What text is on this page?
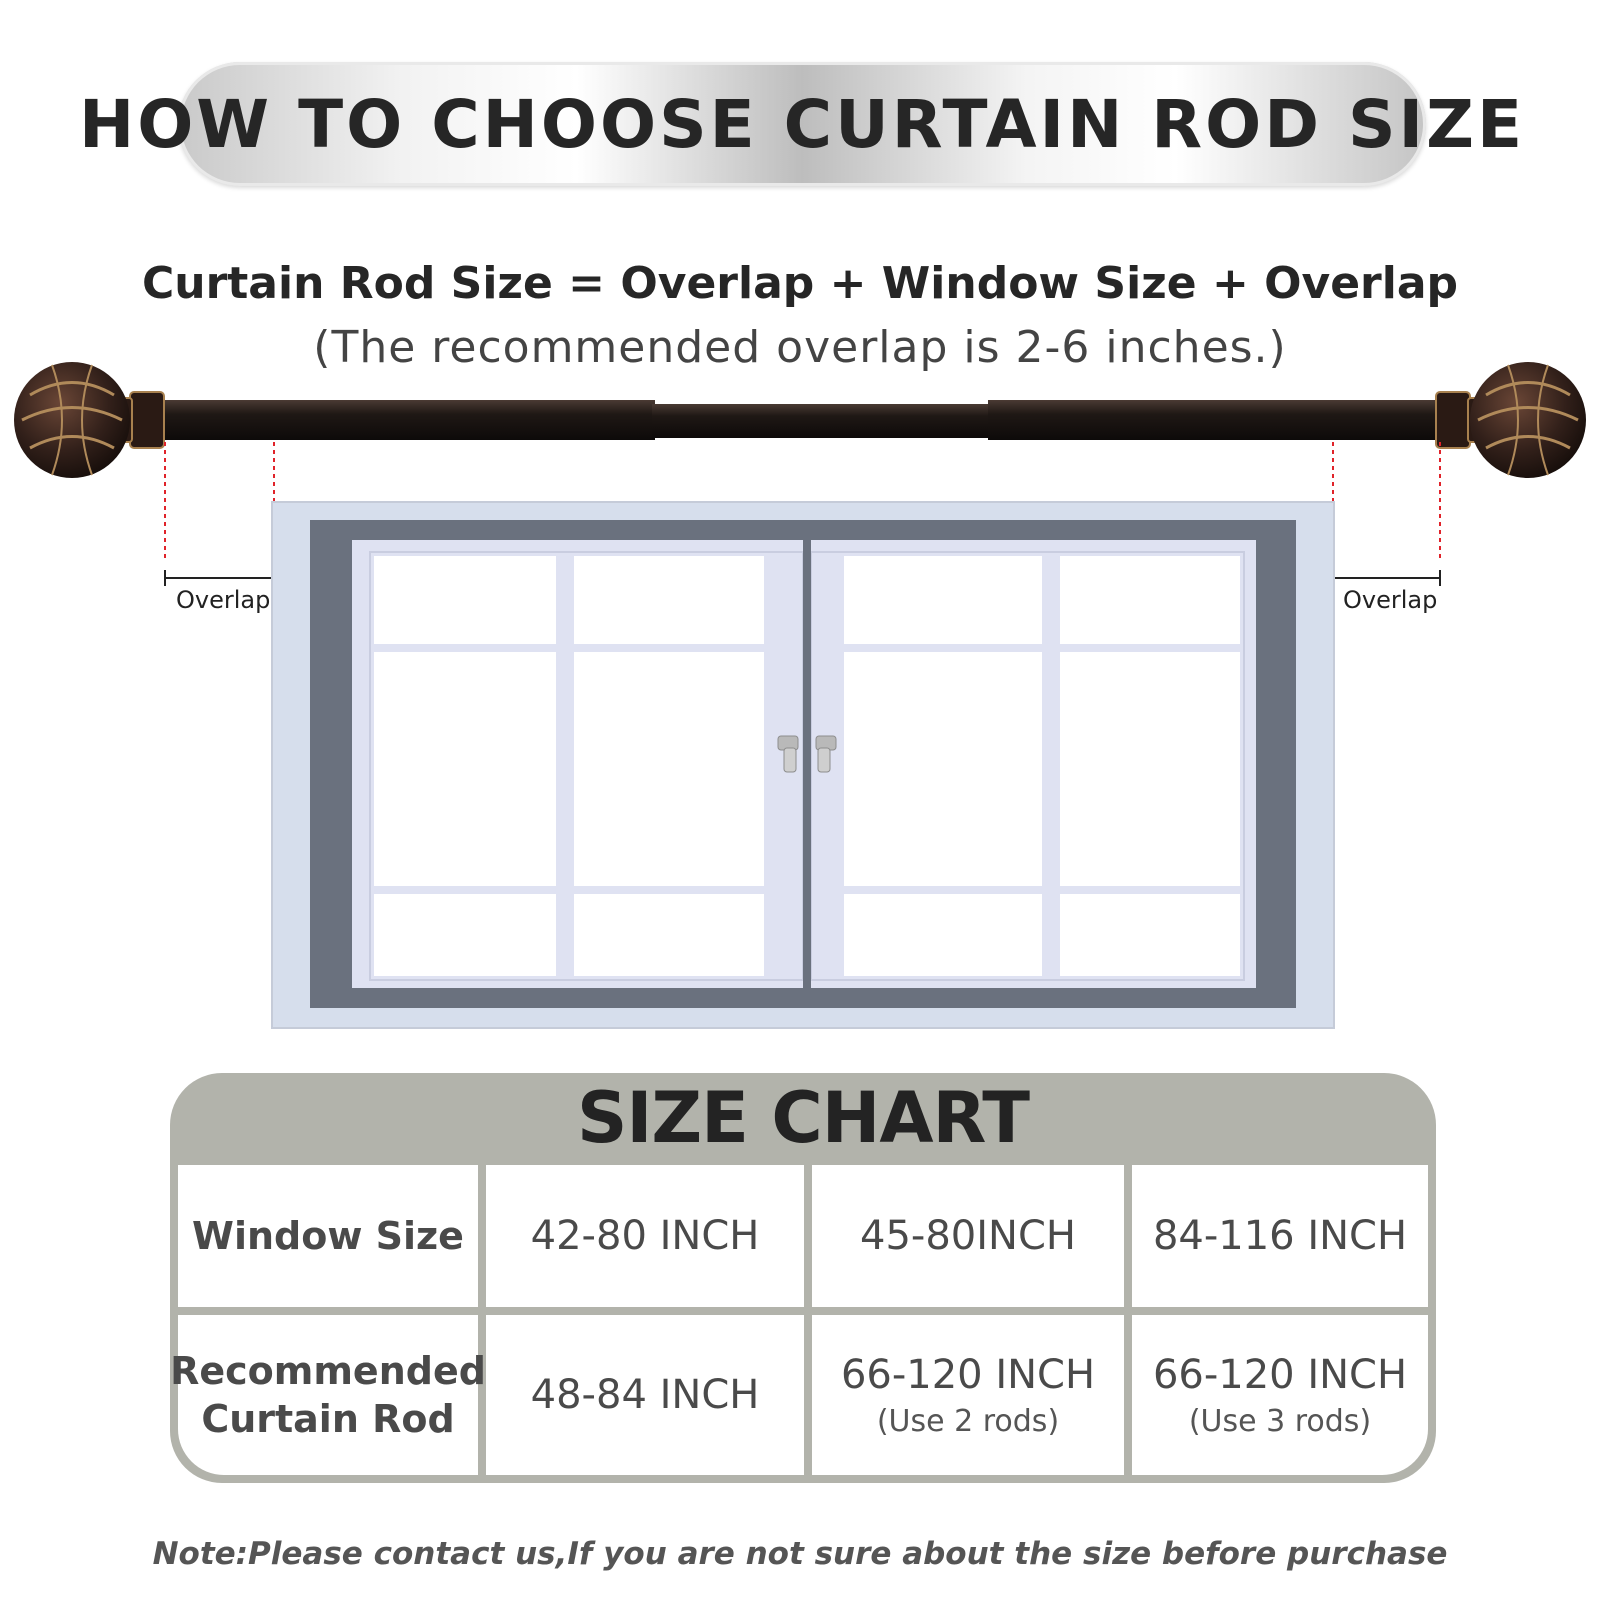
HOW TO CHOOSE CURTAIN ROD SIZE
Curtain Rod Size = Overlap + Window Size + Overlap
(The recommended overlap is 2-6 inches.)
Overlap	Overlap
SIZE CHART
Window Size 42-80 INCH	45-80INCH 84-116 INCH
Recommended
Curtain Rod
48-84 INCH 66-120 INCH
(Use 2 rods)
66-120 INCH
(Use 3 rods)
Note:Please contact us,If you are not sure about the size before purchase
